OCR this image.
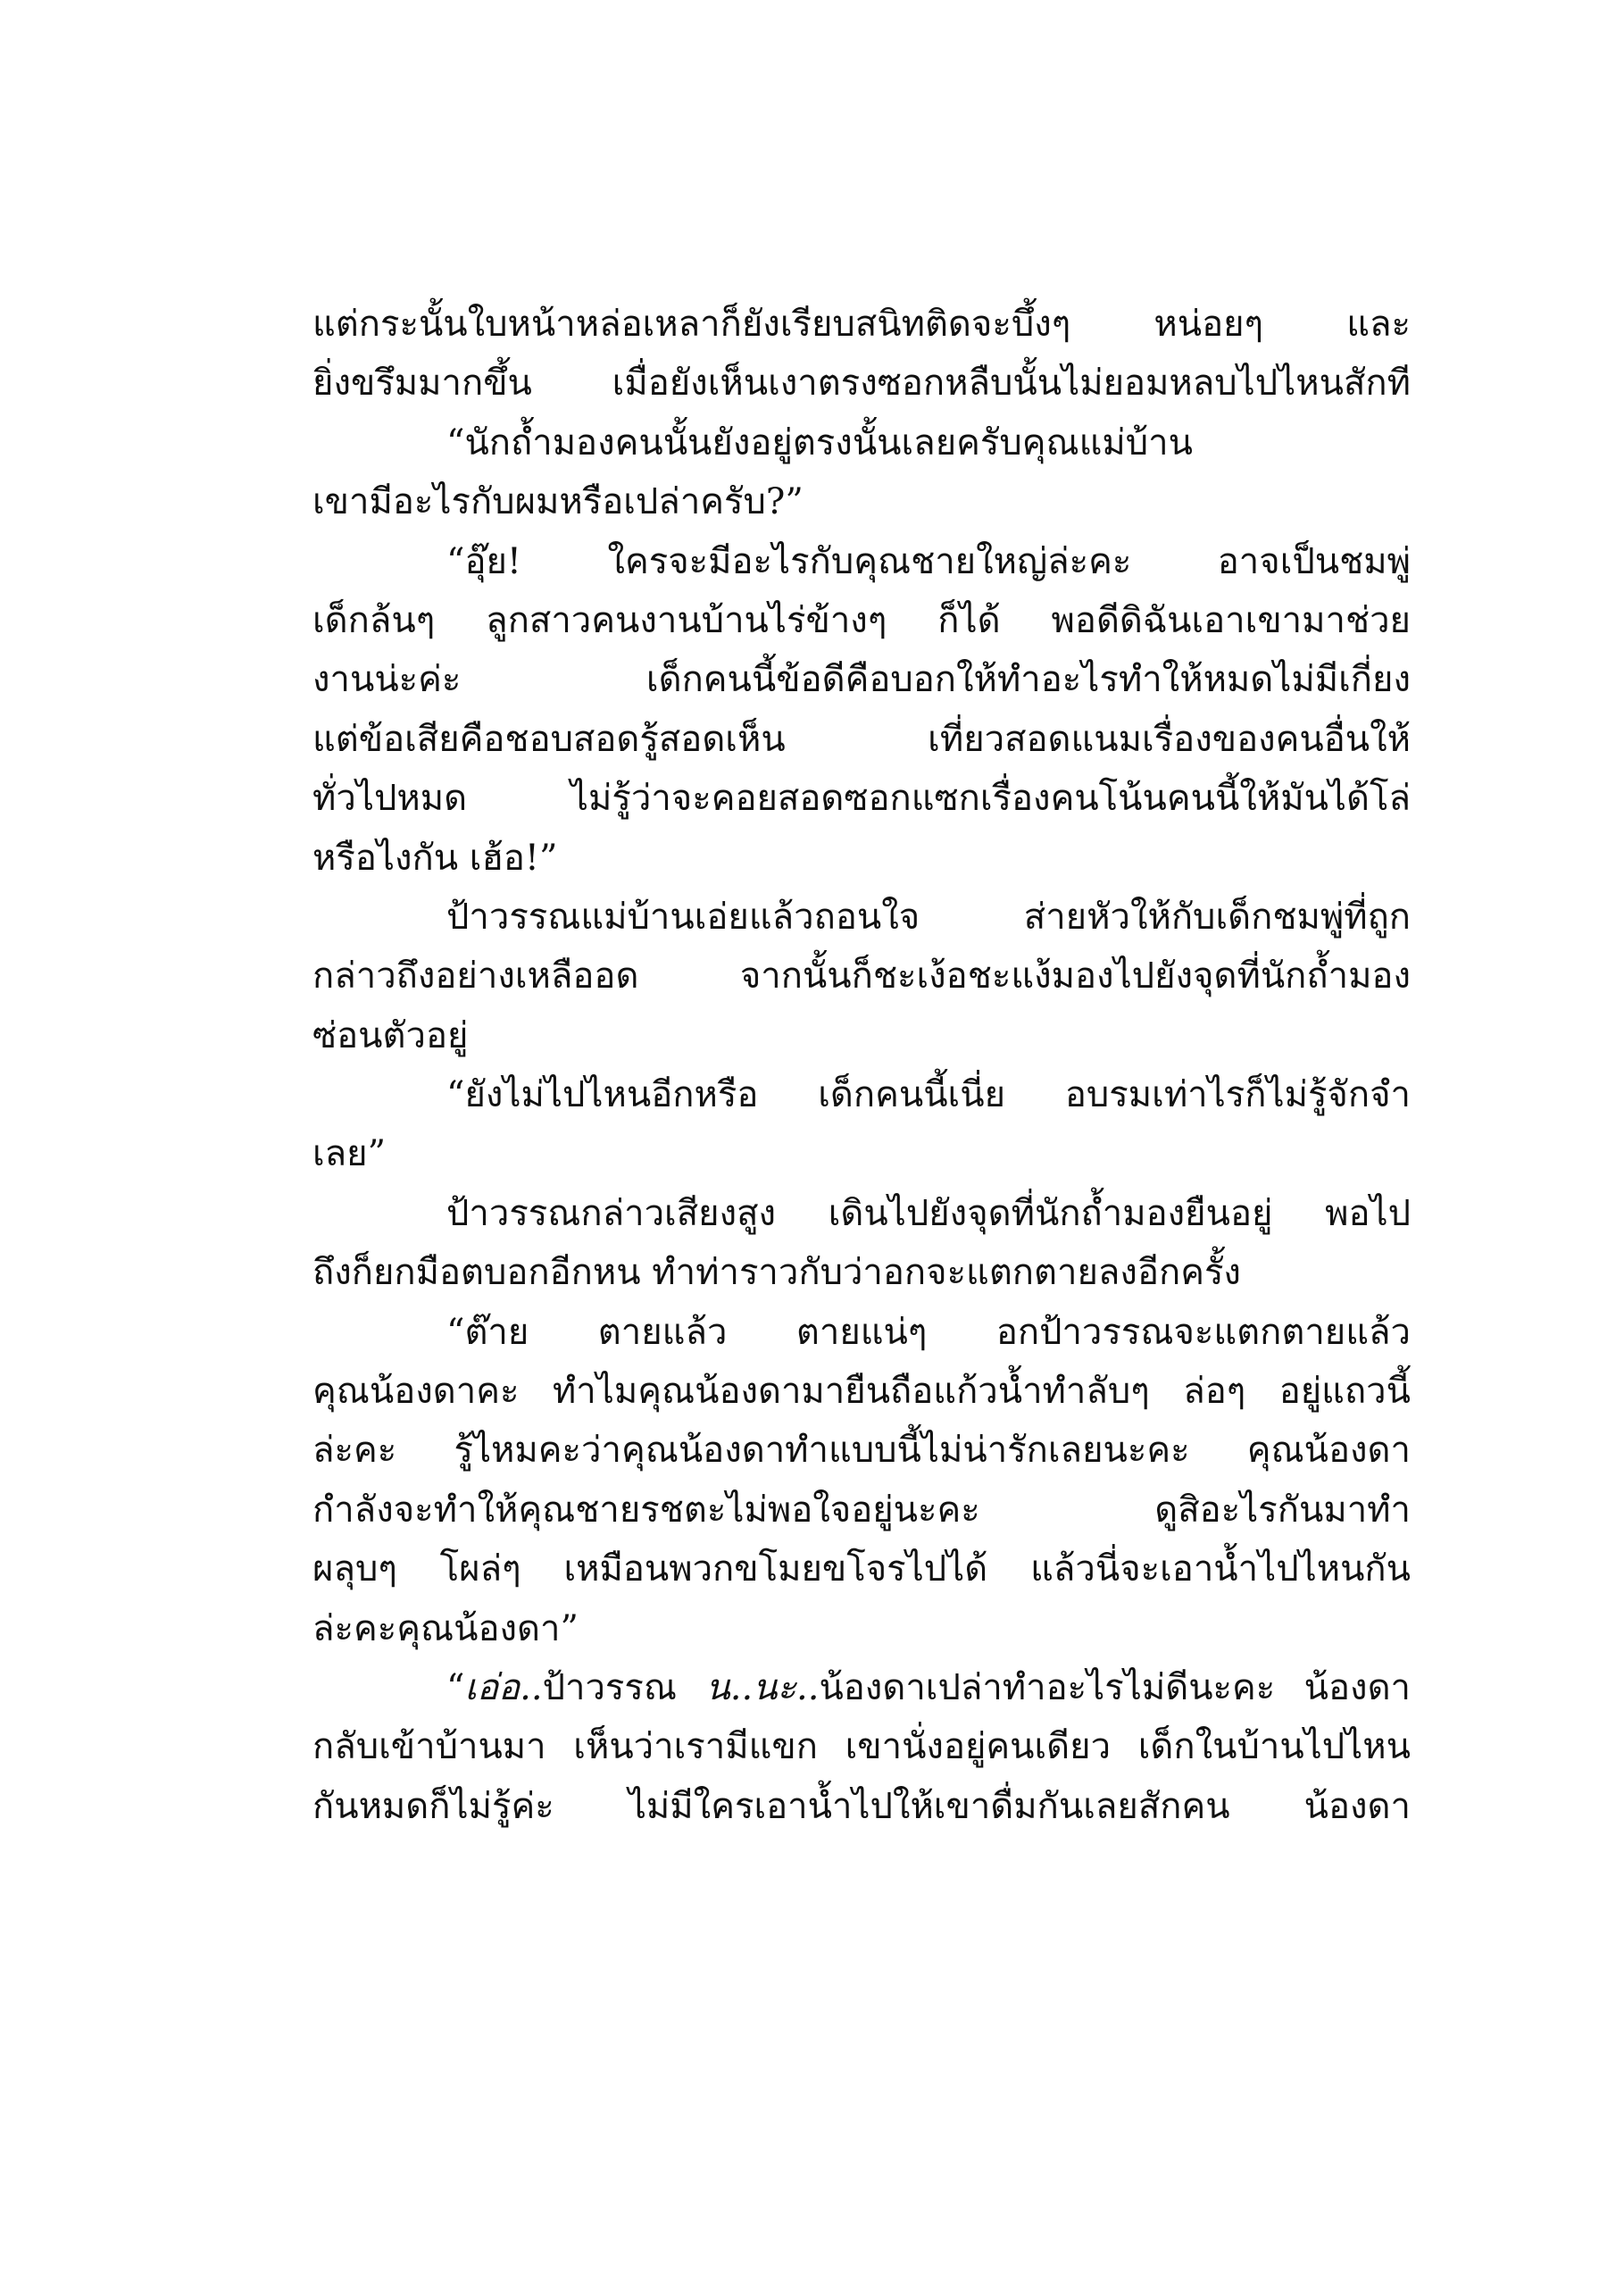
แต่กระนั้นใบหน้าหล่อเหลาก็ยังเรียบสนิทติดจะบึ้งๆ หน่อยๆ และ
ยิ่งขรึมมากขึ้น เมื่อยังเห็นเงาตรงซอกหลืบนั้นไม่ยอมหลบไปไหนสักที
“นักถ้ำมองคนนั้นยังอยู่ตรงนั้นเลยครับคุณแม่บ้าน
เขามีอะไรกับผมหรือเปล่าครับ?”
“อุ๊ย! ใครจะมีอะไรกับคุณชายใหญ่ล่ะคะ อาจเป็นชมพู่
เด็กล้นๆ ลูกสาวคนงานบ้านไร่ข้างๆ ก็ได้ พอดีดิฉันเอาเขามาช่วย
งานน่ะค่ะ เด็กคนนี้ข้อดีคือบอกให้ทำอะไรทำให้หมดไม่มีเกี่ยง
แต่ข้อเสียคือชอบสอดรู้สอดเห็น เที่ยวสอดแนมเรื่องของคนอื่นให้
ทั่วไปหมด ไม่รู้ว่าจะคอยสอดซอกแซกเรื่องคนโน้นคนนี้ให้มันได้โล่
หรือไงกัน เฮ้อ!”
ป้าวรรณแม่บ้านเอ่ยแล้วถอนใจ ส่ายหัวให้กับเด็กชมพู่ที่ถูก
กล่าวถึงอย่างเหลืออด จากนั้นก็ชะเง้อชะแง้มองไปยังจุดที่นักถ้ำมอง
ซ่อนตัวอยู่
“ยังไม่ไปไหนอีกหรือ เด็กคนนี้เนี่ย อบรมเท่าไรก็ไม่รู้จักจำ
เลย”
ป้าวรรณกล่าวเสียงสูง เดินไปยังจุดที่นักถ้ำมองยืนอยู่ พอไป
ถึงก็ยกมือตบอกอีกหน ทำท่าราวกับว่าอกจะแตกตายลงอีกครั้ง
“ต๊าย ตายแล้ว ตายแน่ๆ อกป้าวรรณจะแตกตายแล้ว
คุณน้องดาคะ ทำไมคุณน้องดามายืนถือแก้วน้ำทำลับๆ ล่อๆ อยู่แถวนี้
ล่ะคะ รู้ไหมคะว่าคุณน้องดาทำแบบนี้ไม่น่ารักเลยนะคะ คุณน้องดา
กำลังจะทำให้คุณชายรชตะไม่พอใจอยู่นะคะ ดูสิอะไรกันมาทำ
ผลุบๆ โผล่ๆ เหมือนพวกขโมยขโจรไปได้ แล้วนี่จะเอาน้ำไปไหนกัน
ล่ะคะคุณน้องดา”
“เอ่อ..ป้าวรรณ น..นะ..น้องดาเปล่าทำอะไรไม่ดีนะคะ น้องดา
กลับเข้าบ้านมา เห็นว่าเรามีแขก เขานั่งอยู่คนเดียว เด็กในบ้านไปไหน
กันหมดก็ไม่รู้ค่ะ ไม่มีใครเอาน้ำไปให้เขาดื่มกันเลยสักคน น้องดา
